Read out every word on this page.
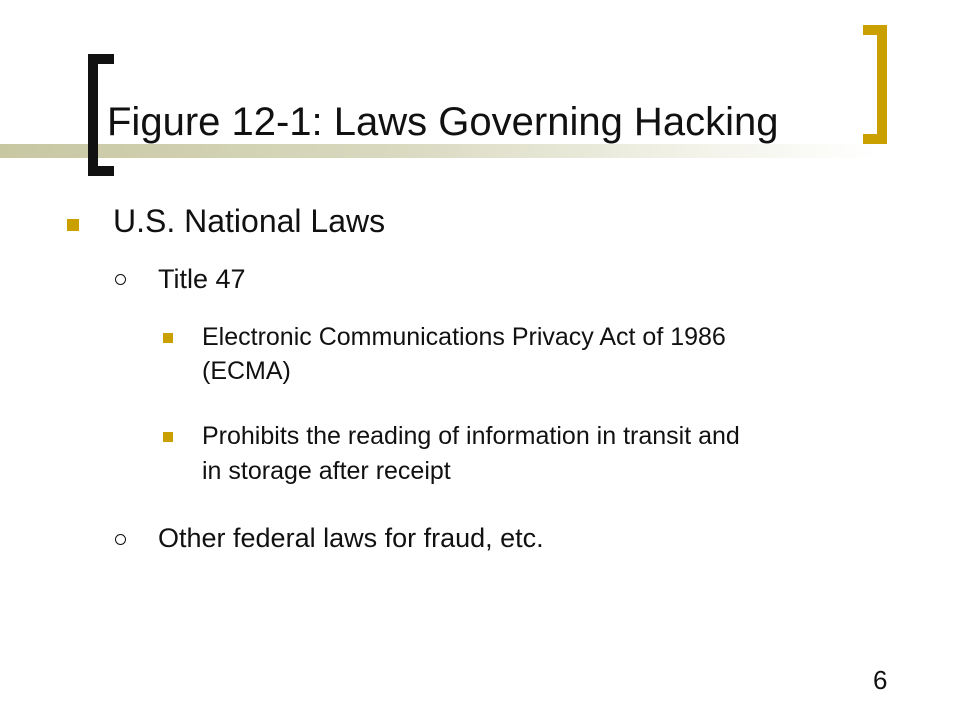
Figure 12-1: Laws Governing Hacking
U.S. National Laws
Title 47
Electronic Communications Privacy Act of 1986
(ECMA)
Prohibits the reading of information in transit and
in storage after receipt
Other federal laws for fraud, etc.
6
